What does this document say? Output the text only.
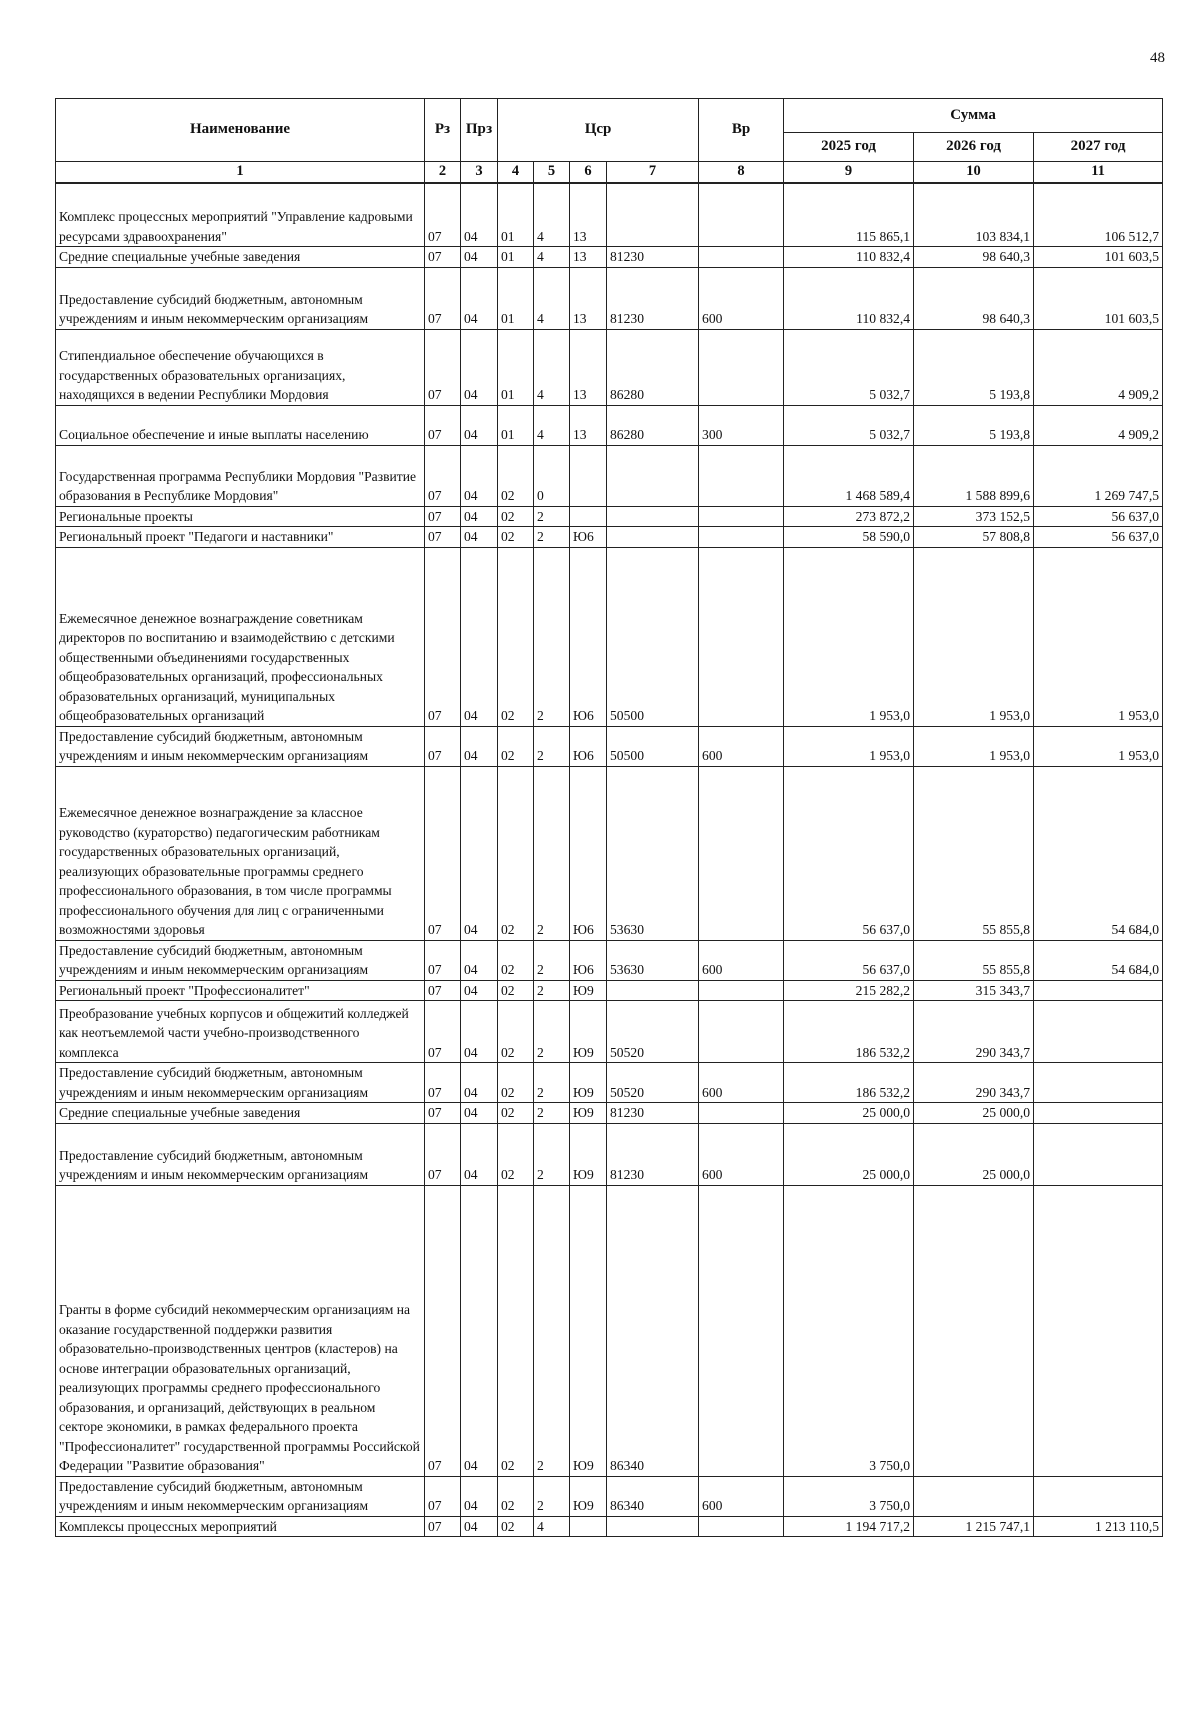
48
Наименование	Рз	Прз	Цср				Вр	Сумма		
								2025 год	2026 год	2027 год
1	2	3	4	5	6	7	8	9	10	11
Комплекс процессных мероприятий "Управление кадровыми ресурсами здравоохранения"	07	04	01	4	13			115 865,1	103 834,1	106 512,7
Средние специальные учебные заведения	07	04	01	4	13	81230		110 832,4	98 640,3	101 603,5
Предоставление субсидий бюджетным, автономным учреждениям и иным некоммерческим организациям	07	04	01	4	13	81230	600	110 832,4	98 640,3	101 603,5
Стипендиальное обеспечение обучающихся в государственных образовательных организациях, находящихся в ведении Республики Мордовия	07	04	01	4	13	86280		5 032,7	5 193,8	4 909,2
Социальное обеспечение и иные выплаты населению	07	04	01	4	13	86280	300	5 032,7	5 193,8	4 909,2
Государственная программа Республики Мордовия "Развитие образования в Республике Мордовия"	07	04	02	0				1 468 589,4	1 588 899,6	1 269 747,5
Региональные проекты	07	04	02	2				273 872,2	373 152,5	56 637,0
Региональный проект "Педагоги и наставники"	07	04	02	2	Ю6			58 590,0	57 808,8	56 637,0
Ежемесячное денежное вознаграждение советникам директоров по воспитанию и взаимодействию с детскими общественными объединениями государственных общеобразовательных организаций, профессиональных образовательных организаций, муниципальных общеобразовательных организаций	07	04	02	2	Ю6	50500		1 953,0	1 953,0	1 953,0
Предоставление субсидий бюджетным, автономным учреждениям и иным некоммерческим организациям	07	04	02	2	Ю6	50500	600	1 953,0	1 953,0	1 953,0
Ежемесячное денежное вознаграждение за классное руководство (кураторство) педагогическим работникам государственных образовательных организаций, реализующих образовательные программы среднего профессионального образования, в том числе программы профессионального обучения для лиц с ограниченными возможностями здоровья	07	04	02	2	Ю6	53630		56 637,0	55 855,8	54 684,0
Предоставление субсидий бюджетным, автономным учреждениям и иным некоммерческим организациям	07	04	02	2	Ю6	53630	600	56 637,0	55 855,8	54 684,0
Региональный проект "Профессионалитет"	07	04	02	2	Ю9			215 282,2	315 343,7	
Преобразование учебных корпусов и общежитий колледжей как неотъемлемой части учебно-производственного комплекса	07	04	02	2	Ю9	50520		186 532,2	290 343,7	
Предоставление субсидий бюджетным, автономным учреждениям и иным некоммерческим организациям	07	04	02	2	Ю9	50520	600	186 532,2	290 343,7	
Средние специальные учебные заведения	07	04	02	2	Ю9	81230		25 000,0	25 000,0	
Предоставление субсидий бюджетным, автономным учреждениям и иным некоммерческим организациям	07	04	02	2	Ю9	81230	600	25 000,0	25 000,0	
Гранты в форме субсидий некоммерческим организациям на оказание государственной поддержки развития образовательно-производственных центров (кластеров) на основе интеграции образовательных организаций, реализующих программы среднего профессионального образования, и организаций, действующих в реальном секторе экономики, в рамках федерального проекта "Профессионалитет" государственной программы Российской Федерации "Развитие образования"	07	04	02	2	Ю9	86340		3 750,0		
Предоставление субсидий бюджетным, автономным учреждениям и иным некоммерческим организациям	07	04	02	2	Ю9	86340	600	3 750,0		
Комплексы процессных мероприятий	07	04	02	4				1 194 717,2	1 215 747,1	1 213 110,5
